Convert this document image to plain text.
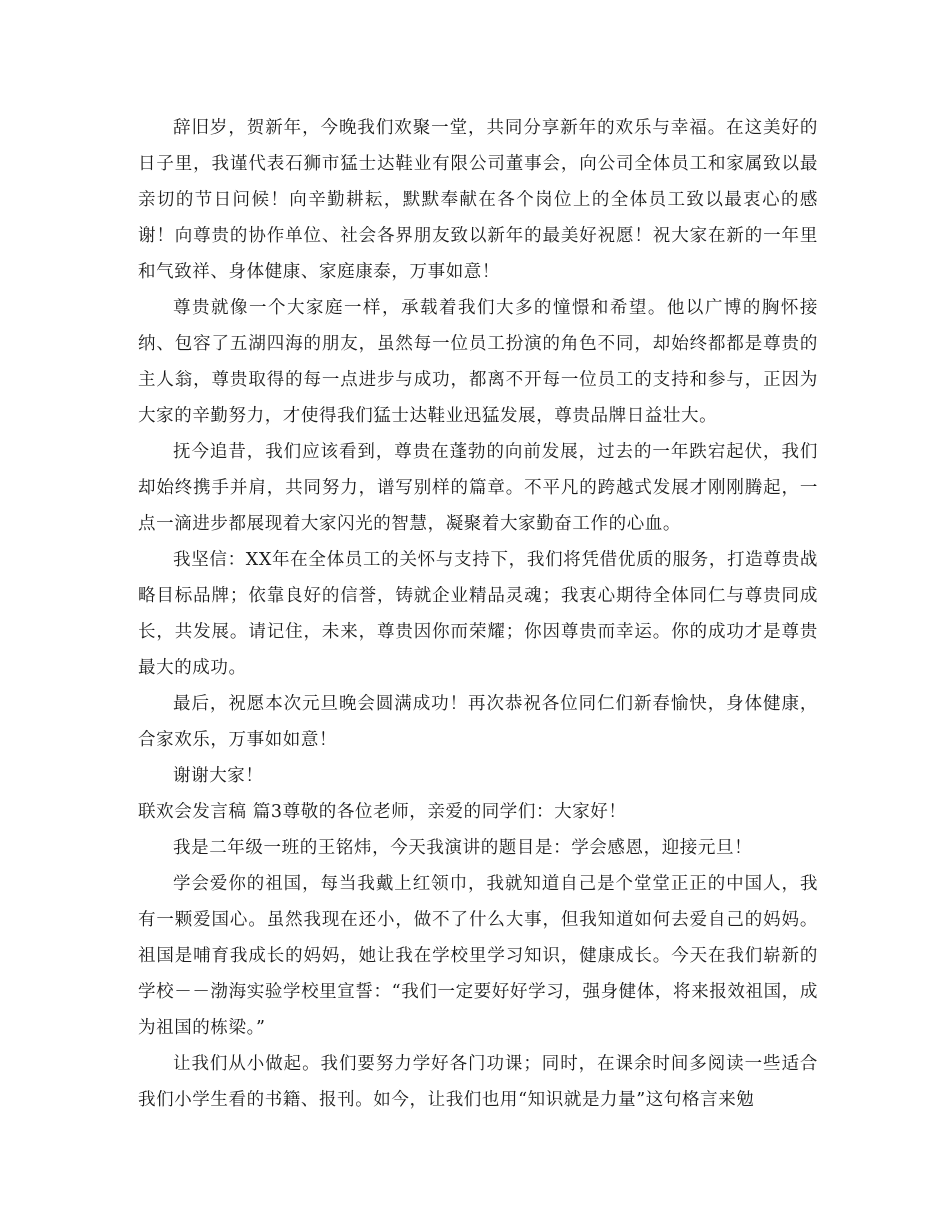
辞旧岁，贺新年，今晚我们欢聚一堂，共同分享新年的欢乐与幸福。在这美好的日子里，我谨代表石狮市猛士达鞋业有限公司董事会，向公司全体员工和家属致以最亲切的节日问候！向辛勤耕耘，默默奉献在各个岗位上的全体员工致以最衷心的感谢！向尊贵的协作单位、社会各界朋友致以新年的最美好祝愿！祝大家在新的一年里和气致祥、身体健康、家庭康泰，万事如意！

尊贵就像一个大家庭一样，承载着我们大多的憧憬和希望。他以广博的胸怀接纳、包容了五湖四海的朋友，虽然每一位员工扮演的角色不同，却始终都都是尊贵的主人翁，尊贵取得的每一点进步与成功，都离不开每一位员工的支持和参与，正因为大家的辛勤努力，才使得我们猛士达鞋业迅猛发展，尊贵品牌日益壮大。

抚今追昔，我们应该看到，尊贵在蓬勃的向前发展，过去的一年跌宕起伏，我们却始终携手并肩，共同努力，谱写别样的篇章。不平凡的跨越式发展才刚刚腾起，一点一滴进步都展现着大家闪光的智慧，凝聚着大家勤奋工作的心血。

我坚信：XX年在全体员工的关怀与支持下，我们将凭借优质的服务，打造尊贵战略目标品牌；依靠良好的信誉，铸就企业精品灵魂；我衷心期待全体同仁与尊贵同成长，共发展。请记住，未来，尊贵因你而荣耀；你因尊贵而幸运。你的成功才是尊贵最大的成功。

最后，祝愿本次元旦晚会圆满成功！再次恭祝各位同仁们新春愉快，身体健康，合家欢乐，万事如如意！

谢谢大家！

联欢会发言稿 篇3尊敬的各位老师，亲爱的同学们：大家好！

我是二年级一班的王铭炜，今天我演讲的题目是：学会感恩，迎接元旦！

学会爱你的祖国，每当我戴上红领巾，我就知道自己是个堂堂正正的中国人，我有一颗爱国心。虽然我现在还小，做不了什么大事，但我知道如何去爱自己的妈妈。祖国是哺育我成长的妈妈，她让我在学校里学习知识，健康成长。今天在我们崭新的学校－－渤海实验学校里宣誓：“我们一定要好好学习，强身健体，将来报效祖国，成为祖国的栋梁。”

让我们从小做起。我们要努力学好各门功课；同时，在课余时间多阅读一些适合我们小学生看的书籍、报刊。如今，让我们也用“知识就是力量”这句格言来勉
